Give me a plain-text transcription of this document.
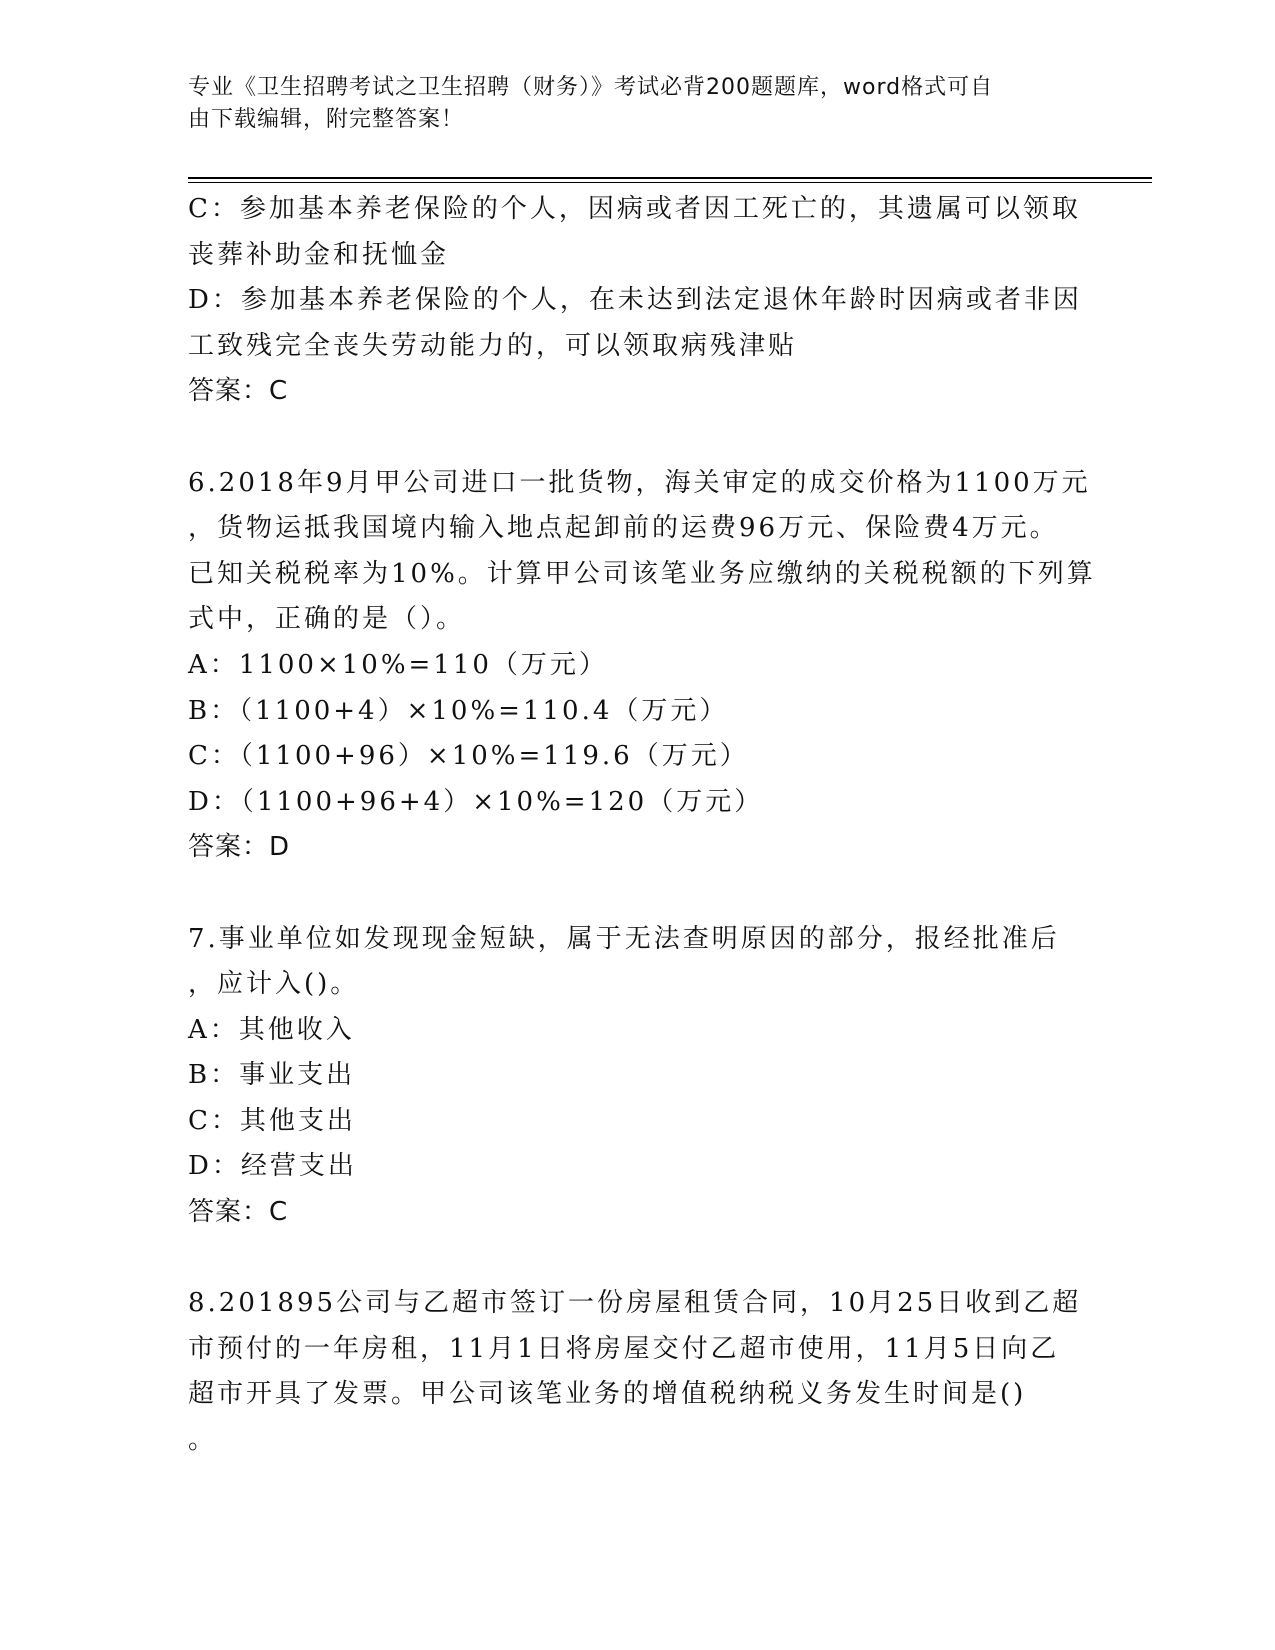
专业《卫生招聘考试之卫生招聘（财务）》考试必背200题题库，word格式可自
由下载编辑，附完整答案！
C：参加基本养老保险的个人，因病或者因工死亡的，其遗属可以领取
丧葬补助金和抚恤金
D：参加基本养老保险的个人，在未达到法定退休年龄时因病或者非因
工致残完全丧失劳动能力的，可以领取病残津贴
答案：C
6.2018年9月甲公司进口一批货物，海关审定的成交价格为1100万元
，货物运抵我国境内输入地点起卸前的运费96万元、保险费4万元。
已知关税税率为10%。计算甲公司该笔业务应缴纳的关税税额的下列算
式中，正确的是（）。
A：1100×10%=110（万元）
B：（1100+4）×10%=110.4（万元）
C：（1100+96）×10%=119.6（万元）
D：（1100+96+4）×10%=120（万元）
答案：D
7.事业单位如发现现金短缺，属于无法查明原因的部分，报经批准后
，应计入()。
A：其他收入
B：事业支出
C：其他支出
D：经营支出
答案：C
8.201895公司与乙超市签订一份房屋租赁合同，10月25日收到乙超
市预付的一年房租，11月1日将房屋交付乙超市使用，11月5日向乙
超市开具了发票。甲公司该笔业务的增值税纳税义务发生时间是()
。
